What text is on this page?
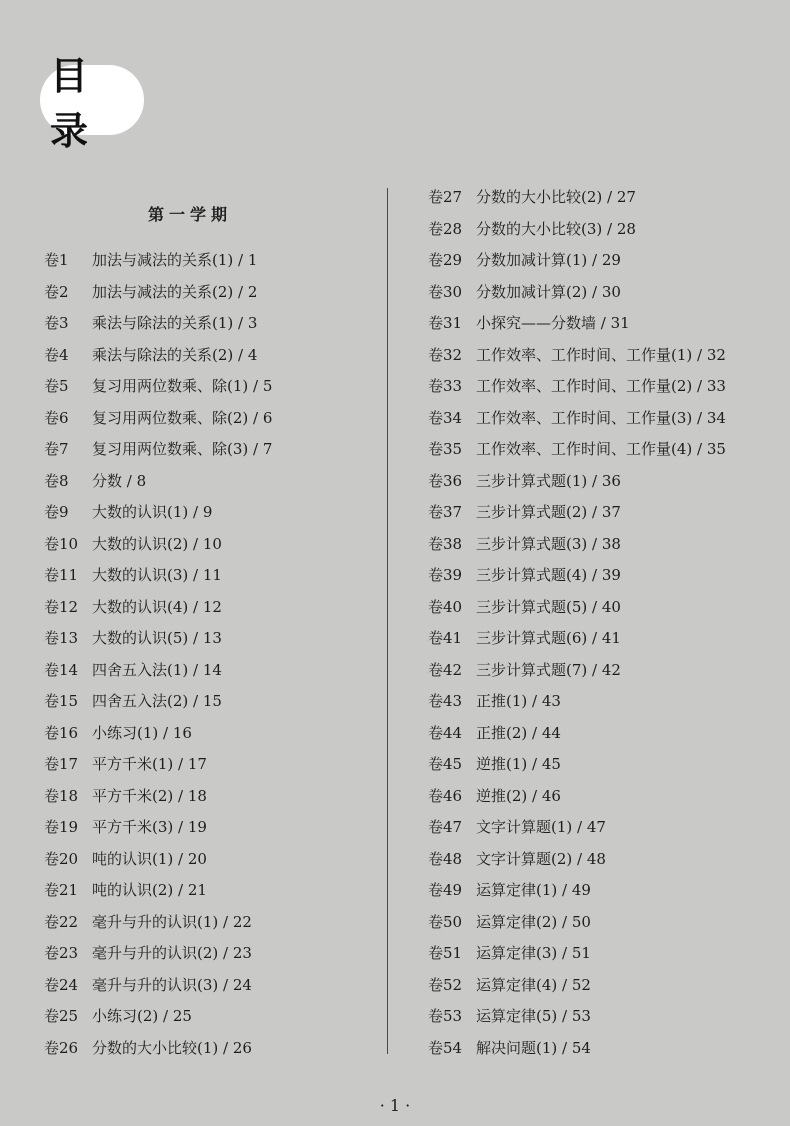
目录
第一学期
卷1	加法与减法的关系(1) / 1
卷2	加法与减法的关系(2) / 2
卷3	乘法与除法的关系(1) / 3
卷4	乘法与除法的关系(2) / 4
卷5	复习用两位数乘、除(1) / 5
卷6	复习用两位数乘、除(2) / 6
卷7	复习用两位数乘、除(3) / 7
卷8	分数 / 8
卷9	大数的认识(1) / 9
卷10 大数的认识(2) / 10
卷11 大数的认识(3) / 11
卷12 大数的认识(4) / 12
卷13 大数的认识(5) / 13
卷14 四舍五入法(1) / 14
卷15 四舍五入法(2) / 15
卷16 小练习(1) / 16
卷17 平方千米(1) / 17
卷18 平方千米(2) / 18
卷19 平方千米(3) / 19
卷20 吨的认识(1) / 20
卷21 吨的认识(2) / 21
卷22 毫升与升的认识(1) / 22
卷23 毫升与升的认识(2) / 23
卷24 毫升与升的认识(3) / 24
卷25 小练习(2) / 25
卷26 分数的大小比较(1) / 26
卷27 分数的大小比较(2) / 27
卷28 分数的大小比较(3) / 28
卷29 分数加减计算(1) / 29
卷30 分数加减计算(2) / 30
卷31 小探究——分数墙 / 31
卷32 工作效率、工作时间、工作量(1) / 32
卷33 工作效率、工作时间、工作量(2) / 33
卷34 工作效率、工作时间、工作量(3) / 34
卷35 工作效率、工作时间、工作量(4) / 35
卷36 三步计算式题(1) / 36
卷37 三步计算式题(2) / 37
卷38 三步计算式题(3) / 38
卷39 三步计算式题(4) / 39
卷40 三步计算式题(5) / 40
卷41 三步计算式题(6) / 41
卷42 三步计算式题(7) / 42
卷43 正推(1) / 43
卷44 正推(2) / 44
卷45 逆推(1) / 45
卷46 逆推(2) / 46
卷47 文字计算题(1) / 47
卷48 文字计算题(2) / 48
卷49 运算定律(1) / 49
卷50 运算定律(2) / 50
卷51 运算定律(3) / 51
卷52 运算定律(4) / 52
卷53 运算定律(5) / 53
卷54 解决问题(1) / 54
· 1 ·
